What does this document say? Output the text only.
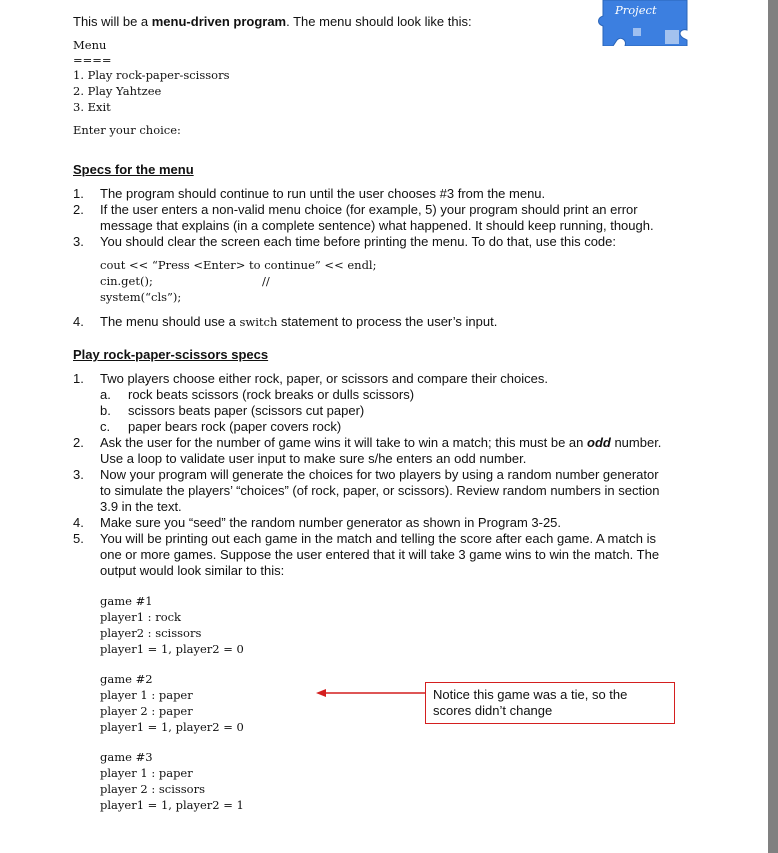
Project
This will be a menu-driven program. The menu should look like this:
Menu
====
1. Play rock-paper-scissors
2. Play Yahtzee
3. Exit
Enter your choice:
Specs for the menu
1. The program should continue to run until the user chooses #3 from the menu.
2. If the user enters a non-valid menu choice (for example, 5) your program should print an error
message that explains (in a complete sentence) what happened. It should keep running, though.
3. You should clear the screen each time before printing the menu. To do that, use this code:
cout << “Press <Enter> to continue” << endl;
cin.get();	//
system(“cls”);
4. The menu should use a switch statement to process the user’s input.
Play rock-paper-scissors specs
1. Two players choose either rock, paper, or scissors and compare their choices.
a. rock beats scissors (rock breaks or dulls scissors)
b. scissors beats paper (scissors cut paper)
c. paper bears rock (paper covers rock)
2. Ask the user for the number of game wins it will take to win a match; this must be an odd number.
Use a loop to validate user input to make sure s/he enters an odd number.
3. Now your program will generate the choices for two players by using a random number generator
to simulate the players’ “choices” (of rock, paper, or scissors). Review random numbers in section
3.9 in the text.
4. Make sure you “seed” the random number generator as shown in Program 3-25.
5. You will be printing out each game in the match and telling the score after each game. A match is
one or more games. Suppose the user entered that it will take 3 game wins to win the match. The
output would look similar to this:
game #1
player1 : rock
player2 : scissors
player1 = 1, player2 = 0
game #2
player 1 : paper
player 2 : paper
player1 = 1, player2 = 0
game #3
player 1 : paper
player 2 : scissors
player1 = 1, player2 = 1
Notice this game was a tie, so the
scores didn’t change
